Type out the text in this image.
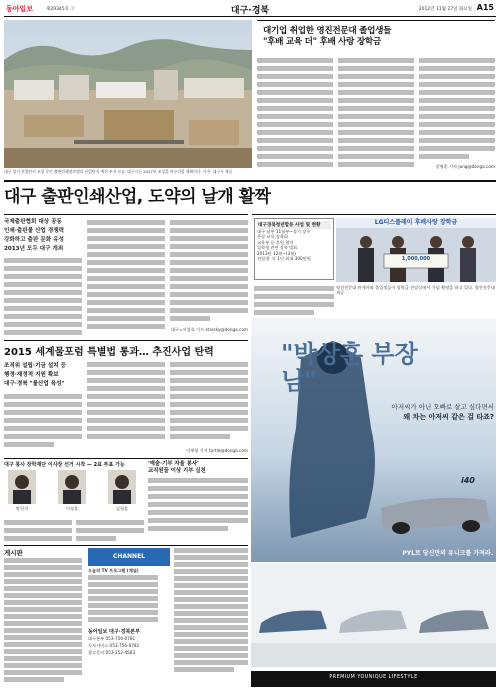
동아일보	제29345호 ⓒ	대구·경북	2012년 11월 27일 화요일 A15
대구 성서 산업단지 조성 중인 출판인쇄정보밸리 산업단지 예정 부지 모습. 대구시는 2017년 조성을 마무리할 계획이다. 사진: 대구시 제공
대기업 취업한 영진전문대 졸업생들
"후배 교육 더" 후배 사랑 장학금
장영훈 기자 jang@donga.com
대구 출판인쇄산업, 도약의 날개 활짝
국제출판협회 대상 공동
인쇄·출판물 산업 경쟁력
강화하고 출판 문화 유성
2013년 모두 대구 개최
대구=이성호 기자 starsky@donga.com
대구경북청년합동 사업 및 현황
대구 남부 11월부~경기 장수
온상 교육 장학회
교육부 등 후원 협약
입학생 관련 장학 발표
2013년 12월~(3월)
전업생: 각 1년 최대 300만원
LG디스플레이 후배사랑 장학금
1,000,000
영진전문대 관계자와 졸업생들이 장학금 전달식에서 기념 촬영을 하고 있다. 영진전문대 제공
2015 세계물포럼 특별법 통과… 추진사업 탄력
조직위 설립·기금 설치 등
행정·재정적 지원 확보
대구·경북 "물산업 육성"
이세형 기자 turtle@donga.com
대구 봉사 장학재단 이사장 선거 시작 — 2표 투표 가능
박헌석	이상훈	김형훈
'예술·기부 자율 봉사'
교직원들 이상 기부 실천
게시판	CHANNEL
오늘의 TV 프로그램 (채널)
동아일보 대구·경북본부
대구본부 053-756-0781
독자서비스 053-756-0782
광고문의 053-252-4583
"박상훈 부장님"
아저씨가 아닌 오빠로 살고 싶다면서
왜 차는 아저씨 같은 걸 타죠?
i40
PYL로 당신만의 유니크를 가져라.
PREMIUM YOUNIQUE LIFESTYLE
